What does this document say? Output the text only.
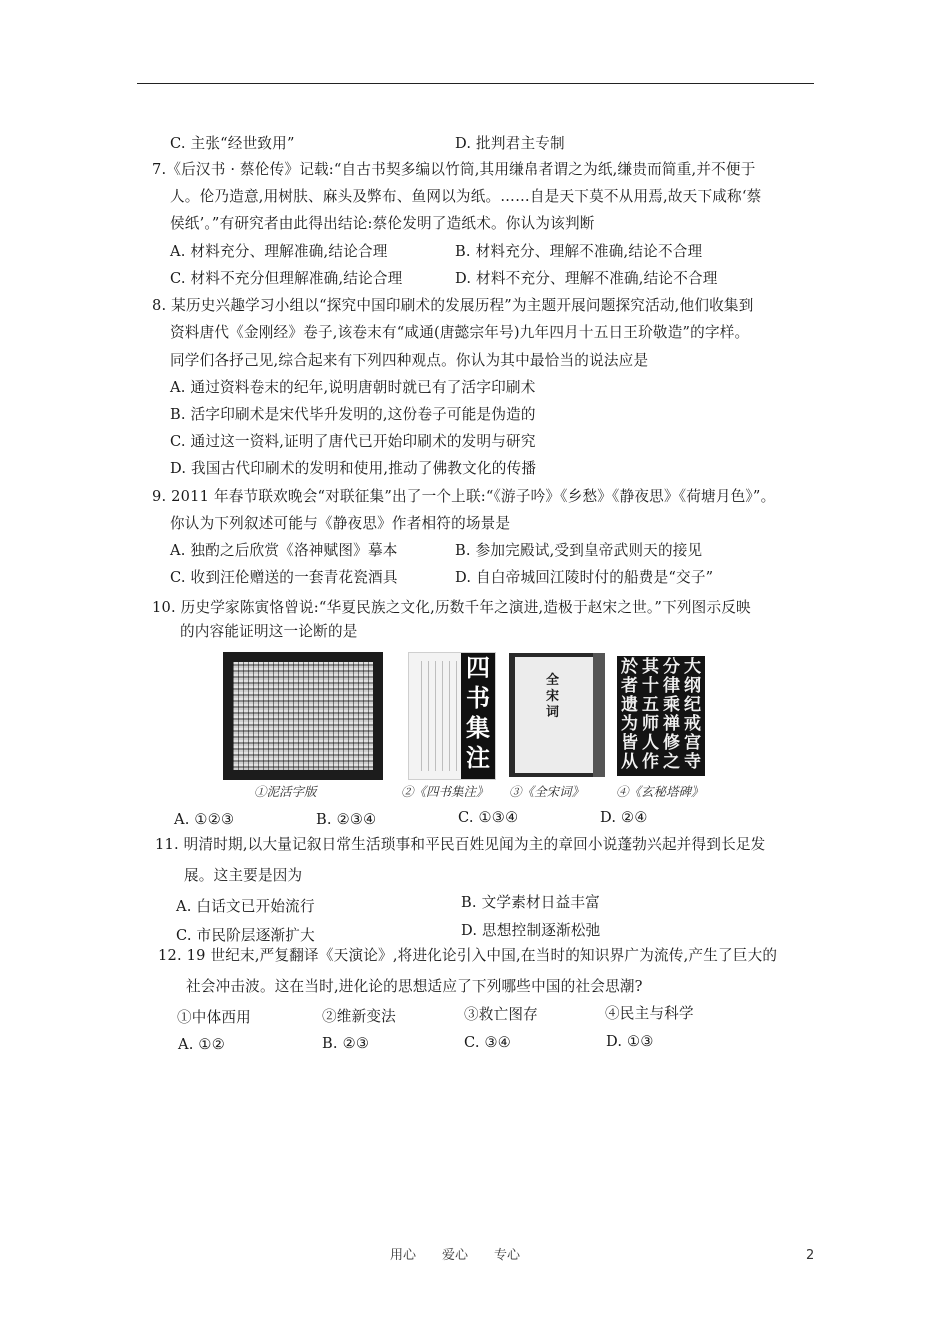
C. 主张“经世致用”	D. 批判君主专制
7.《后汉书 · 蔡伦传》记载:“自古书契多编以竹筒,其用缣帛者谓之为纸,缣贵而简重,并不便于
人。伦乃造意,用树肤、麻头及弊布、鱼网以为纸。……自是天下莫不从用焉,故天下咸称‘蔡
侯纸’。”有研究者由此得出结论:蔡伦发明了造纸术。你认为该判断
A. 材料充分、理解准确,结论合理	B. 材料充分、理解不准确,结论不合理
C. 材料不充分但理解准确,结论合理	D. 材料不充分、理解不准确,结论不合理
8. 某历史兴趣学习小组以“探究中国印刷术的发展历程”为主题开展问题探究活动,他们收集到
资料唐代《金刚经》卷子,该卷末有“咸通(唐懿宗年号)九年四月十五日王玠敬造”的字样。
同学们各抒己见,综合起来有下列四种观点。你认为其中最恰当的说法应是
A. 通过资料卷末的纪年,说明唐朝时就已有了活字印刷术
B. 活字印刷术是宋代毕升发明的,这份卷子可能是伪造的
C. 通过这一资料,证明了唐代已开始印刷术的发明与研究
D. 我国古代印刷术的发明和使用,推动了佛教文化的传播
9. 2011 年春节联欢晚会“对联征集”出了一个上联:“《游子吟》《乡愁》《静夜思》《荷塘月色》”。
你认为下列叙述可能与《静夜思》作者相符的场景是
A. 独酌之后欣赏《洛神赋图》摹本	B. 参加完殿试,受到皇帝武则天的接见
C. 收到汪伦赠送的一套青花瓷酒具	D. 自白帝城回江陵时付的船费是“交子”
10. 历史学家陈寅恪曾说:“华夏民族之文化,历数千年之演进,造极于赵宋之世。”下列图示反映
的内容能证明这一论断的是
四书集注
全宋词
大
纲
纪
戒
宫
寺
分
律
乘
禅
修
之
其
十
五
师
人
作
於
者
遗
为
皆
从
①泥活字版	②《四书集注》 ③《全宋词》	④《玄秘塔碑》
A. ①②③	B. ②③④	C. ①③④	D. ②④
11. 明清时期,以大量记叙日常生活琐事和平民百姓见闻为主的章回小说蓬勃兴起并得到长足发
展。这主要是因为
A. 白话文已开始流行	B. 文学素材日益丰富
C. 市民阶层逐渐扩大	D. 思想控制逐渐松弛
12. 19 世纪末,严复翻译《天演论》,将进化论引入中国,在当时的知识界广为流传,产生了巨大的
社会冲击波。这在当时,进化论的思想适应了下列哪些中国的社会思潮?
①中体西用	②维新变法	③救亡图存	④民主与科学
A. ①②	B. ②③	C. ③④	D. ①③
用心　　爱心　　专心	2
